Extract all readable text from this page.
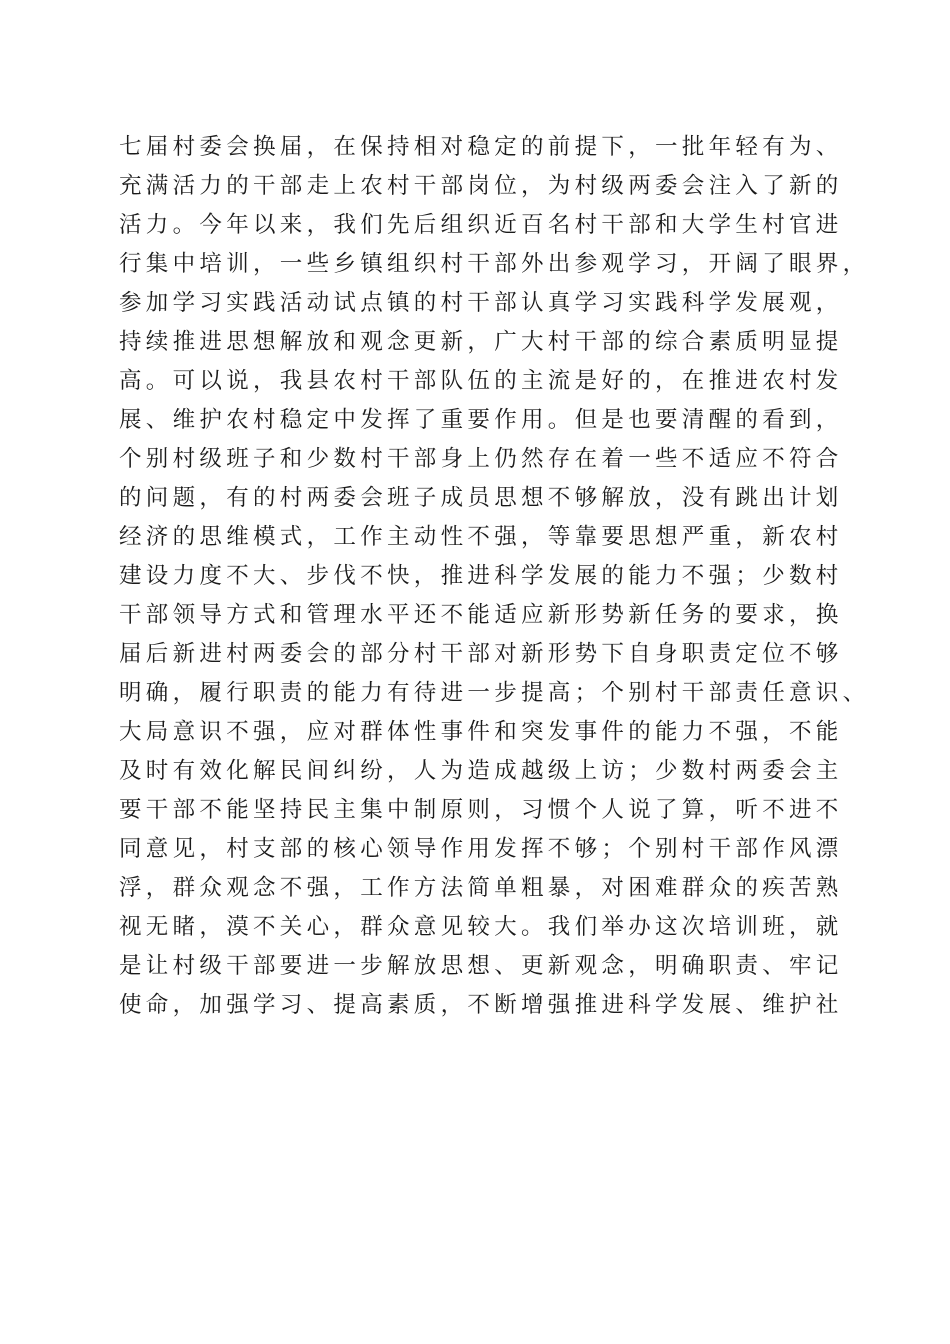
七届村委会换届，在保持相对稳定的前提下，一批年轻有为、
充满活力的干部走上农村干部岗位，为村级两委会注入了新的
活力。今年以来，我们先后组织近百名村干部和大学生村官进
行集中培训，一些乡镇组织村干部外出参观学习，开阔了眼界，
参加学习实践活动试点镇的村干部认真学习实践科学发展观，
持续推进思想解放和观念更新，广大村干部的综合素质明显提
高。可以说，我县农村干部队伍的主流是好的，在推进农村发
展、维护农村稳定中发挥了重要作用。但是也要清醒的看到，
个别村级班子和少数村干部身上仍然存在着一些不适应不符合
的问题，有的村两委会班子成员思想不够解放，没有跳出计划
经济的思维模式，工作主动性不强，等靠要思想严重，新农村
建设力度不大、步伐不快，推进科学发展的能力不强；少数村
干部领导方式和管理水平还不能适应新形势新任务的要求，换
届后新进村两委会的部分村干部对新形势下自身职责定位不够
明确，履行职责的能力有待进一步提高；个别村干部责任意识、
大局意识不强，应对群体性事件和突发事件的能力不强，不能
及时有效化解民间纠纷，人为造成越级上访；少数村两委会主
要干部不能坚持民主集中制原则，习惯个人说了算，听不进不
同意见，村支部的核心领导作用发挥不够；个别村干部作风漂
浮，群众观念不强，工作方法简单粗暴，对困难群众的疾苦熟
视无睹，漠不关心，群众意见较大。我们举办这次培训班，就
是让村级干部要进一步解放思想、更新观念，明确职责、牢记
使命，加强学习、提高素质，不断增强推进科学发展、维护社
